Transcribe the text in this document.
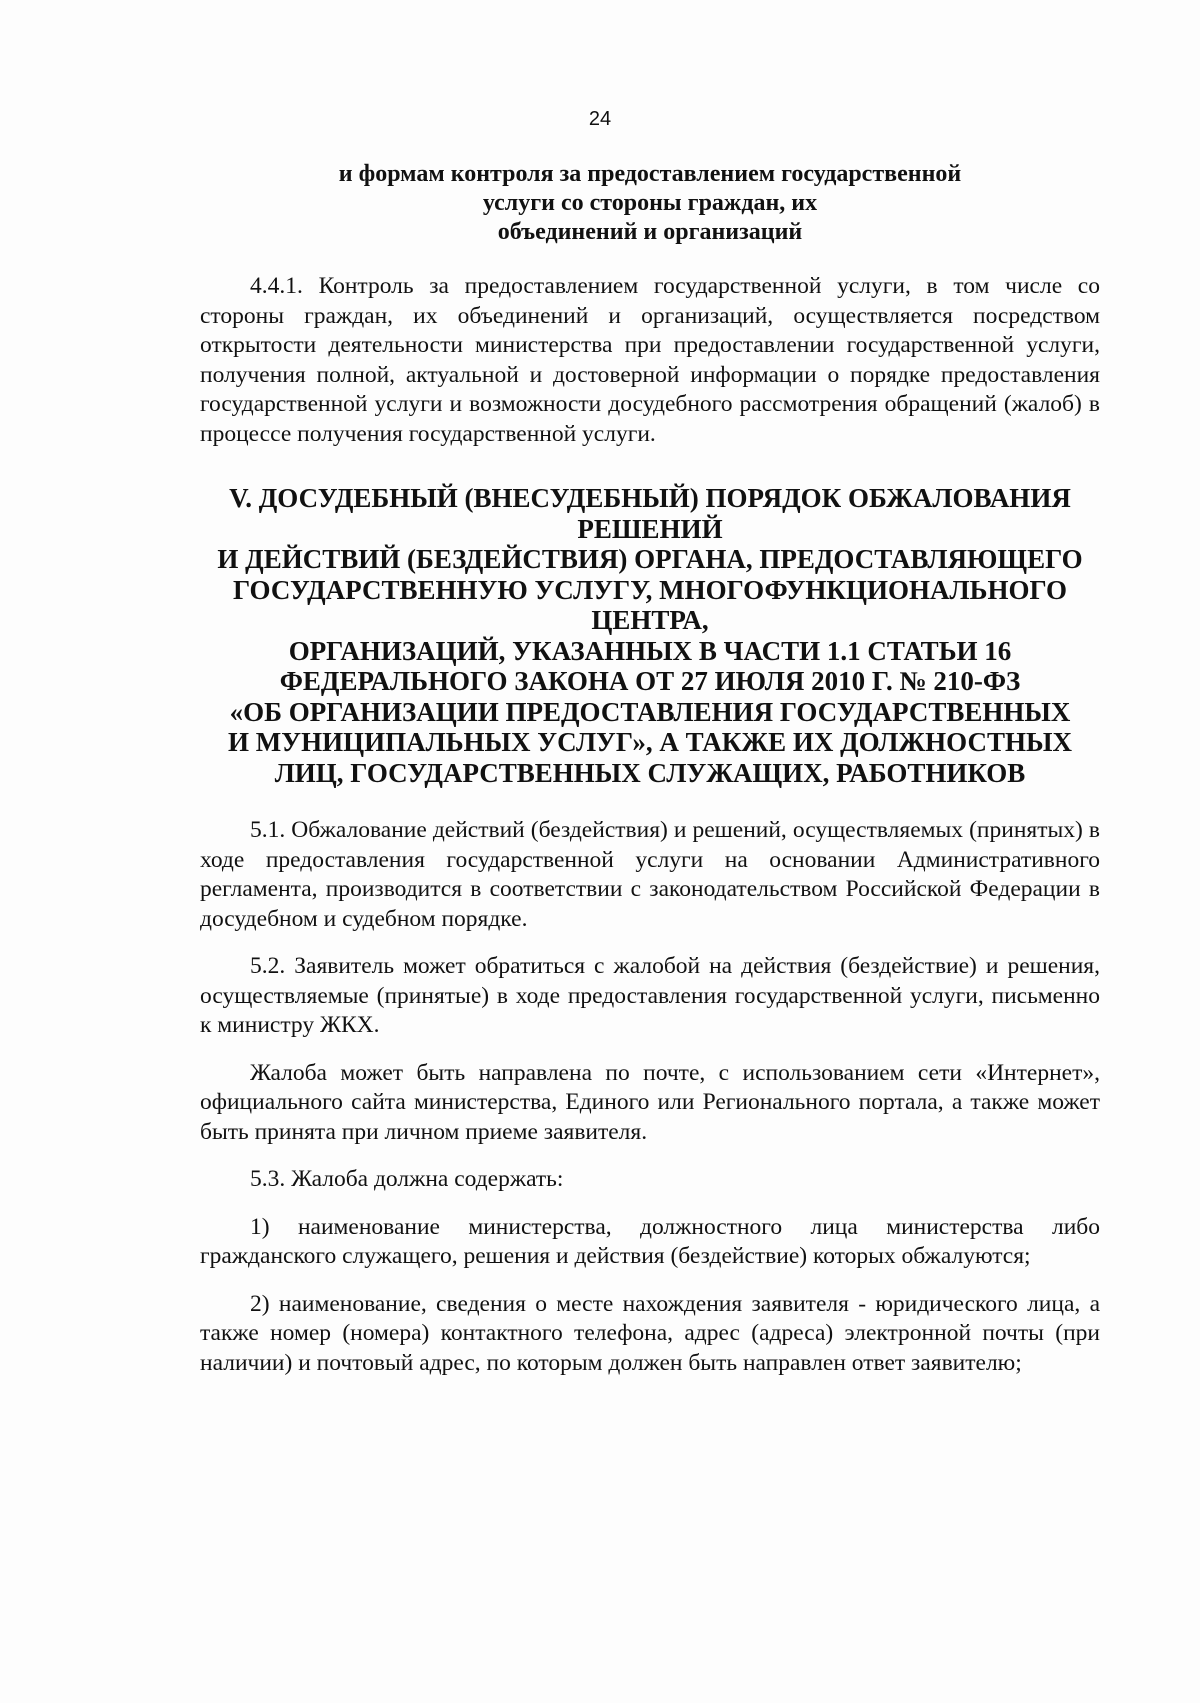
24
и формам контроля за предоставлением государственной
услуги со стороны граждан, их
объединений и организаций

4.4.1. Контроль за предоставлением государственной услуги, в том числе со стороны граждан, их объединений и организаций, осуществляется посредством открытости деятельности министерства при предоставлении государственной услуги, получения полной, актуальной и достоверной информации о порядке предоставления государственной услуги и возможности досудебного рассмотрения обращений (жалоб) в процессе получения государственной услуги.

V. ДОСУДЕБНЫЙ (ВНЕСУДЕБНЫЙ) ПОРЯДОК ОБЖАЛОВАНИЯ
РЕШЕНИЙ
И ДЕЙСТВИЙ (БЕЗДЕЙСТВИЯ) ОРГАНА, ПРЕДОСТАВЛЯЮЩЕГО
ГОСУДАРСТВЕННУЮ УСЛУГУ, МНОГОФУНКЦИОНАЛЬНОГО
ЦЕНТРА,
ОРГАНИЗАЦИЙ, УКАЗАННЫХ В ЧАСТИ 1.1 СТАТЬИ 16
ФЕДЕРАЛЬНОГО ЗАКОНА ОТ 27 ИЮЛЯ 2010 Г. № 210-ФЗ
«ОБ ОРГАНИЗАЦИИ ПРЕДОСТАВЛЕНИЯ ГОСУДАРСТВЕННЫХ
И МУНИЦИПАЛЬНЫХ УСЛУГ», А ТАКЖЕ ИХ ДОЛЖНОСТНЫХ
ЛИЦ, ГОСУДАРСТВЕННЫХ СЛУЖАЩИХ, РАБОТНИКОВ

5.1. Обжалование действий (бездействия) и решений, осуществляемых (принятых) в ходе предоставления государственной услуги на основании Административного регламента, производится в соответствии с законодательством Российской Федерации в досудебном и судебном порядке.

5.2. Заявитель может обратиться с жалобой на действия (бездействие) и решения, осуществляемые (принятые) в ходе предоставления государственной услуги, письменно к министру ЖКХ.

Жалоба может быть направлена по почте, с использованием сети «Интернет», официального сайта министерства, Единого или Регионального портала, а также может быть принята при личном приеме заявителя.

5.3. Жалоба должна содержать:

1) наименование министерства, должностного лица министерства либо гражданского служащего, решения и действия (бездействие) которых обжалуются;

2) наименование, сведения о месте нахождения заявителя - юридического лица, а также номер (номера) контактного телефона, адрес (адреса) электронной почты (при наличии) и почтовый адрес, по которым должен быть направлен ответ заявителю;
